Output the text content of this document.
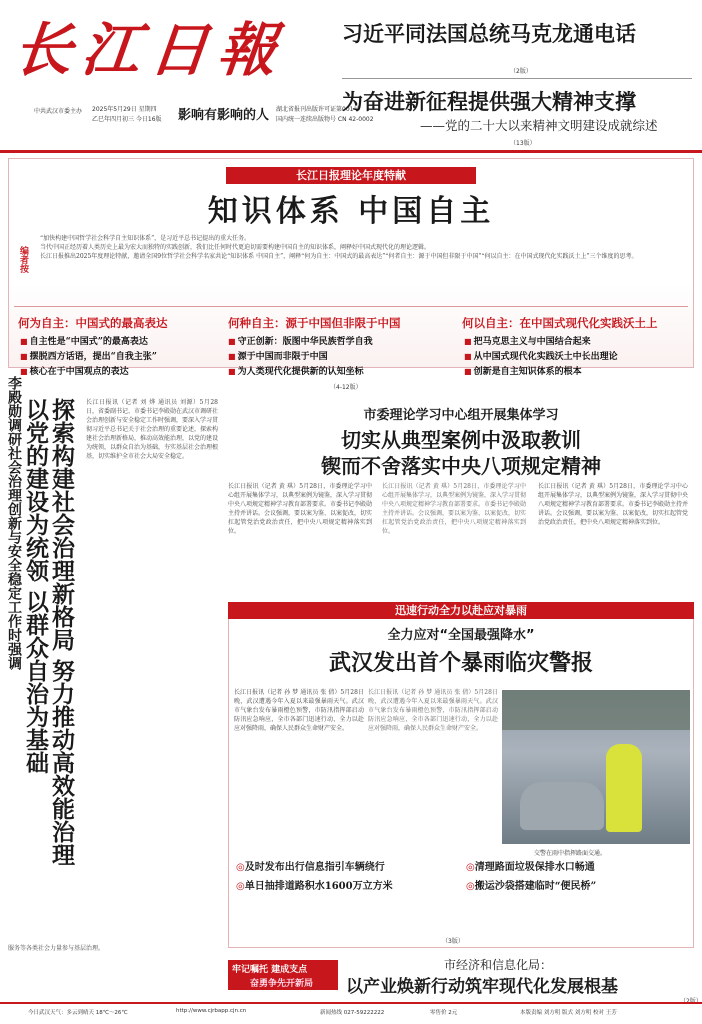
长江日報
影响有影响的人
中共武汉市委主办 2025年5月29日 星期四
乙巳年四月初三 今日16版
湖北省报刊出版许可证第001号
国内统一连续出版物号 CN 42-0002
习近平同法国总统马克龙通电话
（2版）
为奋进新征程提供强大精神支撑
——党的二十大以来精神文明建设成就综述
（13版）
长江日报理论年度特献
知识体系 中国自主
编者按

“加快构建中国哲学社会科学自主知识体系”，是习近平总书记提出的重大任务。

当代中国正经历着人类历史上最为宏大而独特的实践创新，我们比任何时代更迫切需要构建中国自主的知识体系，阐释好中国式现代化的理论逻辑。

长江日报推出2025年度理论特献，邀请全国9位哲学社会科学名家共论“知识体系 中国自主”，阐释“何为自主：中国式的最高表达”“何者自主：源于中国但非限于中国”“何以自主：在中国式现代化实践沃土上”三个维度的思考。

何为自主：中国式的最高表达
■ 自主性是“中国式”的最高表达
■ 摆脱西方话语，提出“自我主张”
■ 核心在于中国观点的表达
何种自主：源于中国但非限于中国
■ 守正创新：版图中华民族哲学自我
■ 源于中国而非限于中国
■ 为人类现代化提供新的认知坐标
何以自主：在中国式现代化实践沃土上
■ 把马克思主义与中国结合起来
■ 从中国式现代化实践沃土中长出理论
■ 创新是自主知识体系的根本
（4-12版）
李殿勋调研社会治理创新与安全稳定工作时强调 探索构建社会治理新格局 努力推动高效能治理
以党的建设为统领 以群众自治为基础	长江日报讯（记者 刘 烨 通讯员 刘源）5月28日，省委副书记、市委书记李殿勋在武汉市调研社会治理创新与安全稳定工作时强调，要深入学习贯彻习近平总书记关于社会治理的重要论述，探索构建社会治理新格局，推动高效能治理，以党的建设为统领，以群众自治为基础，夯实基层社会治理根基，切实维护全市社会大局安全稳定。

服务等各类社会力量参与基层治理。

市委理论学习中心组开展集体学习
切实从典型案例中汲取教训
锲而不舍落实中央八项规定精神

长江日报讯（记者 黄 琪）5月28日，市委理论学习中心组开展集体学习，以典型案例为镜鉴，深入学习贯彻中央八项规定精神学习教育部署要求。市委书记李殿勋主持并讲话。会议强调，要以案为鉴、以案促改，切实扛起管党治党政治责任，把中央八项规定精神落实到位。

长江日报讯（记者 黄 琪）5月28日，市委理论学习中心组开展集体学习，以典型案例为镜鉴，深入学习贯彻中央八项规定精神学习教育部署要求。市委书记李殿勋主持并讲话。会议强调，要以案为鉴、以案促改，切实扛起管党治党政治责任，把中央八项规定精神落实到位。

长江日报讯（记者 黄 琪）5月28日，市委理论学习中心组开展集体学习，以典型案例为镜鉴，深入学习贯彻中央八项规定精神学习教育部署要求。市委书记李殿勋主持并讲话。会议强调，要以案为鉴、以案促改，切实扛起管党治党政治责任，把中央八项规定精神落实到位。

迅速行动全力以赴应对暴雨
全力应对“全国最强降水”
武汉发出首个暴雨临灾警报

长江日报讯（记者 孙 梦 通讯员 张 倩）5月28日晚，武汉遭遇今年入夏以来最强暴雨天气。武汉市气象台发布暴雨橙色预警，市防汛指挥部启动防汛应急响应，全市各部门迅速行动，全力以赴应对强降雨，确保人民群众生命财产安全。

长江日报讯（记者 孙 梦 通讯员 张 倩）5月28日晚，武汉遭遇今年入夏以来最强暴雨天气。武汉市气象台发布暴雨橙色预警，市防汛指挥部启动防汛应急响应，全市各部门迅速行动，全力以赴应对强降雨，确保人民群众生命财产安全。

交警在雨中指挥路面交通。
◎及时发布出行信息指引车辆绕行
◎单日抽排道路积水1600万立方米
◎清理路面垃圾保排水口畅通
◎搬运沙袋搭建临时“便民桥”
（3版）
牢记嘱托 建成支点
奋勇争先开新局
市经济和信息化局：
以产业焕新行动筑牢现代化发展根基
今日武汉天气：多云到晴天 18℃～26℃	http://www.cjrbapp.cjn.cn	新闻热线 027-59222222	零售价 2元	本版责编 刘方明 版式 刘方明 校对 王芳
